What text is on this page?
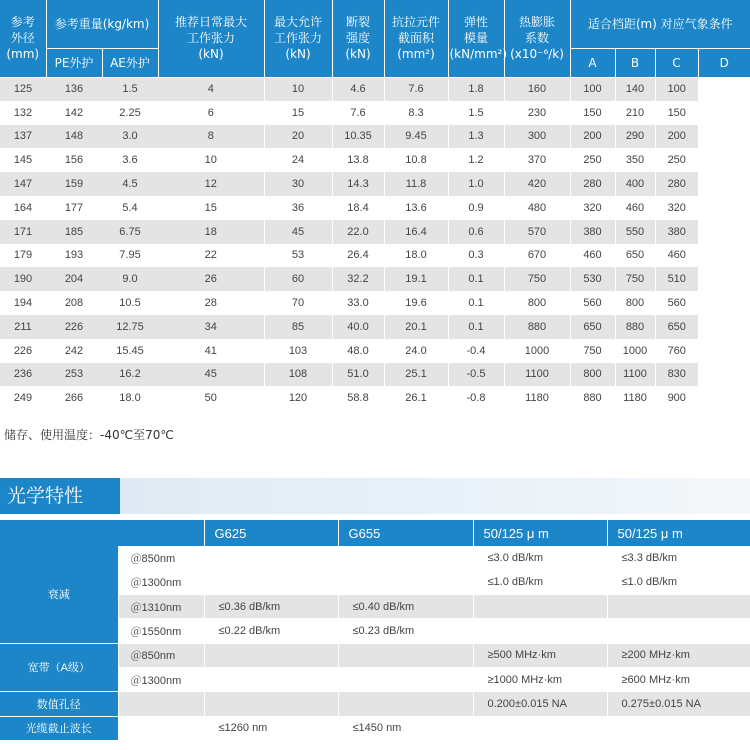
参考
外径
(mm)	参考重量(kg/km)		推荐日常最大
工作张力
(kN)	最大允许
工作张力
(kN)	断裂
强度
(kN)	抗拉元件
截面积
(mm²)	弹性
模量
(kN/mm²)	热膨胀
系数
(x10⁻⁶/k)	适合档距(m) 对应气象条件			
	PE外护	AE外护							A	B	C	D
125	136	1.5	4	10	4.6	7.6	1.8	160	100	140	100	
132	142	2.25	6	15	7.6	8.3	1.5	230	150	210	150	
137	148	3.0	8	20	10.35	9.45	1.3	300	200	290	200	
145	156	3.6	10	24	13.8	10.8	1.2	370	250	350	250	
147	159	4.5	12	30	14.3	11.8	1.0	420	280	400	280	
164	177	5.4	15	36	18.4	13.6	0.9	480	320	460	320	
171	185	6.75	18	45	22.0	16.4	0.6	570	380	550	380	
179	193	7.95	22	53	26.4	18.0	0.3	670	460	650	460	
190	204	9.0	26	60	32.2	19.1	0.1	750	530	750	510	
194	208	10.5	28	70	33.0	19.6	0.1	800	560	800	560	
211	226	12.75	34	85	40.0	20.1	0.1	880	650	880	650	
226	242	15.45	41	103	48.0	24.0	-0.4	1000	750	1000	760	
236	253	16.2	45	108	51.0	25.1	-0.5	1100	800	1100	830	
249	266	18.0	50	120	58.8	26.1	-0.8	1180	880	1180	900	
储存、使用温度：-40℃至70℃
光学特性
		G625	G655	50/125 μ m	50/125 μ m
衰减	＠850nm			≤3.0 dB/km	≤3.3 dB/km
	＠1300nm			≤1.0 dB/km	≤1.0 dB/km
	＠1310nm	≤0.36 dB/km	≤0.40 dB/km		
	＠1550nm	≤0.22 dB/km	≤0.23 dB/km		
宽带（A级）	＠850nm			≥500 MHz·km	≥200 MHz·km
	＠1300nm			≥1000 MHz·km	≥600 MHz·km
数值孔径				0.200±0.015 NA	0.275±0.015 NA
光缆截止波长		≤1260 nm	≤1450 nm		
